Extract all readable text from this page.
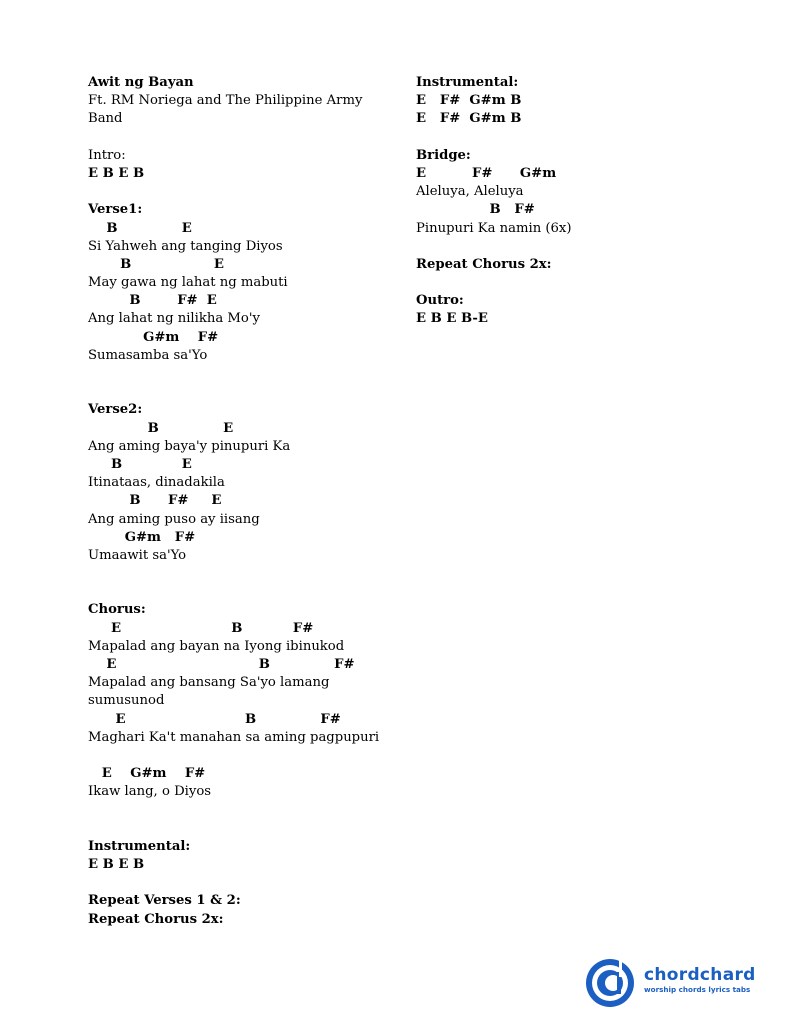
Awit ng Bayan
Ft. RM Noriega and The Philippine Army
Band
Intro:
E B E B
Verse1:
B              E
Si Yahweh ang tanging Diyos
B                  E
May gawa ng lahat ng mabuti
B        F#  E
Ang lahat ng nilikha Mo'y
G#m    F#
Sumasamba sa'Yo
Verse2:
B              E
Ang aming baya'y pinupuri Ka
B             E
Itinataas, dinadakila
B      F#     E
Ang aming puso ay iisang
G#m   F#
Umaawit sa'Yo
Chorus:
E                        B           F#
Mapalad ang bayan na Iyong ibinukod
E                               B              F#
Mapalad ang bansang Sa'yo lamang
sumusunod
E                          B              F#
Maghari Ka't manahan sa aming pagpupuri
E    G#m    F#
Ikaw lang, o Diyos
Instrumental:
E B E B
Repeat Verses 1 & 2:
Repeat Chorus 2x:
Instrumental:
E   F#  G#m B
E   F#  G#m B
Bridge:
E          F#      G#m
Aleluya, Aleluya
B   F#
Pinupuri Ka namin (6x)
Repeat Chorus 2x:
Outro:
E B E B-E
chordchard
worship chords lyrics tabs
